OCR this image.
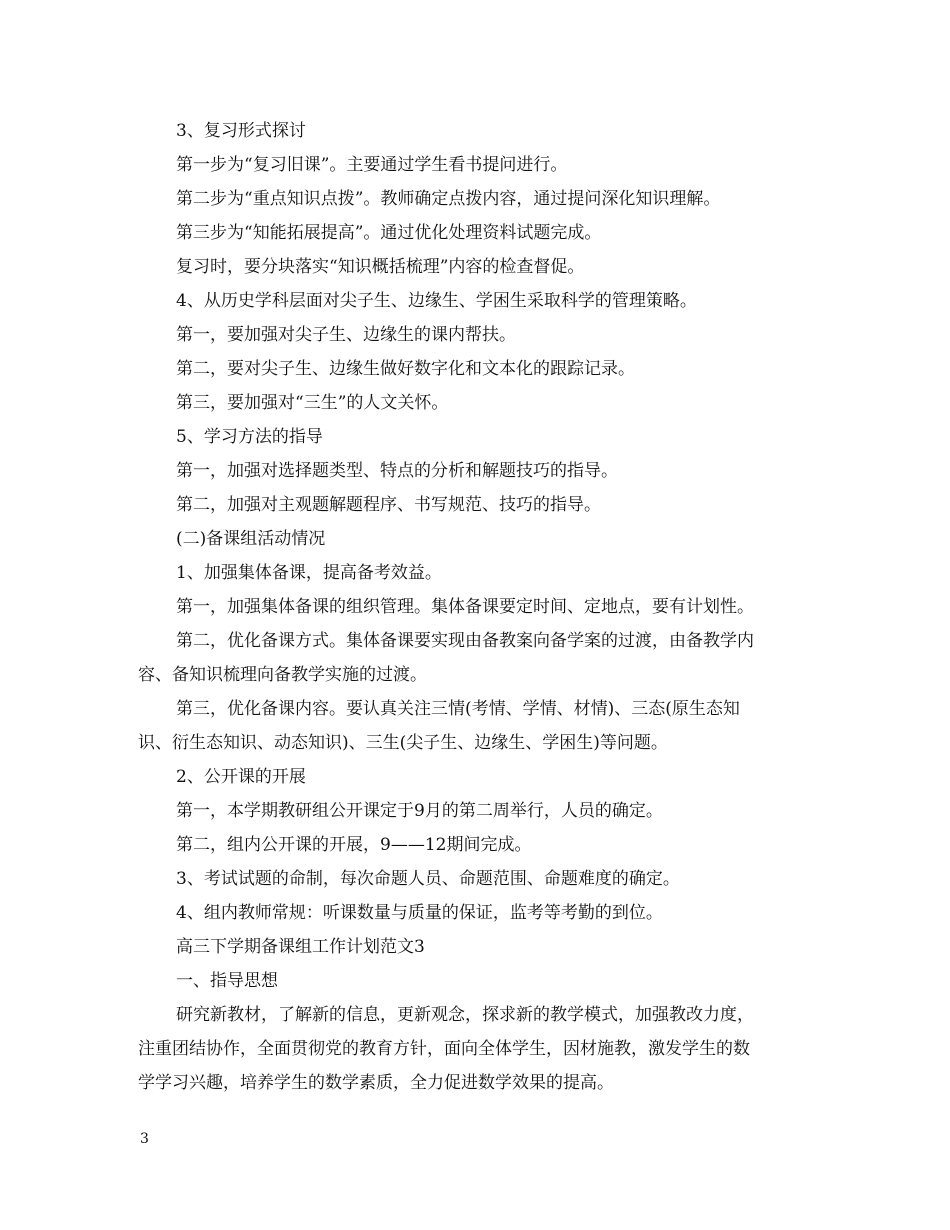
3、复习形式探讨

第一步为“复习旧课”。主要通过学生看书提问进行。

第二步为“重点知识点拨”。教师确定点拨内容，通过提问深化知识理解。

第三步为“知能拓展提高”。通过优化处理资料试题完成。

复习时，要分块落实“知识概括梳理”内容的检查督促。

4、从历史学科层面对尖子生、边缘生、学困生采取科学的管理策略。

第一，要加强对尖子生、边缘生的课内帮扶。

第二，要对尖子生、边缘生做好数字化和文本化的跟踪记录。

第三，要加强对“三生”的人文关怀。

5、学习方法的指导

第一，加强对选择题类型、特点的分析和解题技巧的指导。

第二，加强对主观题解题程序、书写规范、技巧的指导。

(二)备课组活动情况

1、加强集体备课，提高备考效益。

第一，加强集体备课的组织管理。集体备课要定时间、定地点，要有计划性。

第二，优化备课方式。集体备课要实现由备教案向备学案的过渡，由备教学内
容、备知识梳理向备教学实施的过渡。

第三，优化备课内容。要认真关注三情(考情、学情、材情)、三态(原生态知
识、衍生态知识、动态知识)、三生(尖子生、边缘生、学困生)等问题。

2、公开课的开展

第一，本学期教研组公开课定于9月的第二周举行，人员的确定。

第二，组内公开课的开展，9——12期间完成。

3、考试试题的命制，每次命题人员、命题范围、命题难度的确定。

4、组内教师常规：听课数量与质量的保证，监考等考勤的到位。

高三下学期备课组工作计划范文3

一、指导思想

研究新教材，了解新的信息，更新观念，探求新的教学模式，加强教改力度，
注重团结协作，全面贯彻党的教育方针，面向全体学生，因材施教，激发学生的数
学学习兴趣，培养学生的数学素质，全力促进数学效果的提高。

3
